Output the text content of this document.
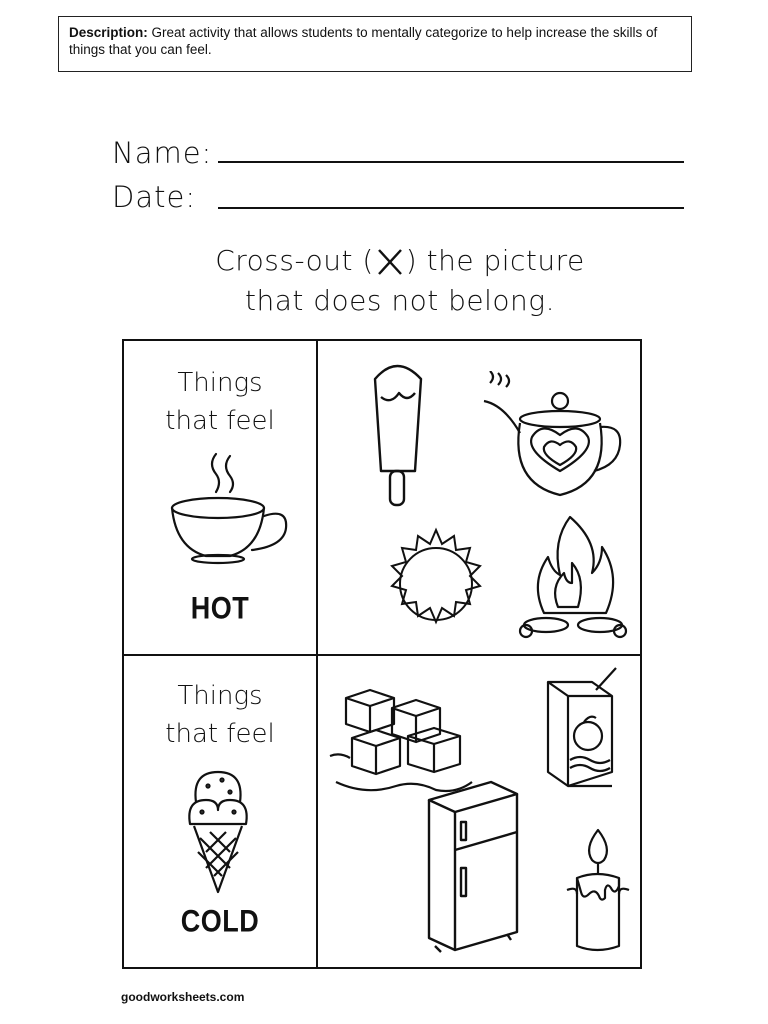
Description: Great activity that allows students to mentally categorize to help increase the skills of things that you can feel.
Name:
Date:
Cross-out ( ) the picture
that does not belong.
Things
that feel
HOT
Things
that feel
COLD
goodworksheets.com
